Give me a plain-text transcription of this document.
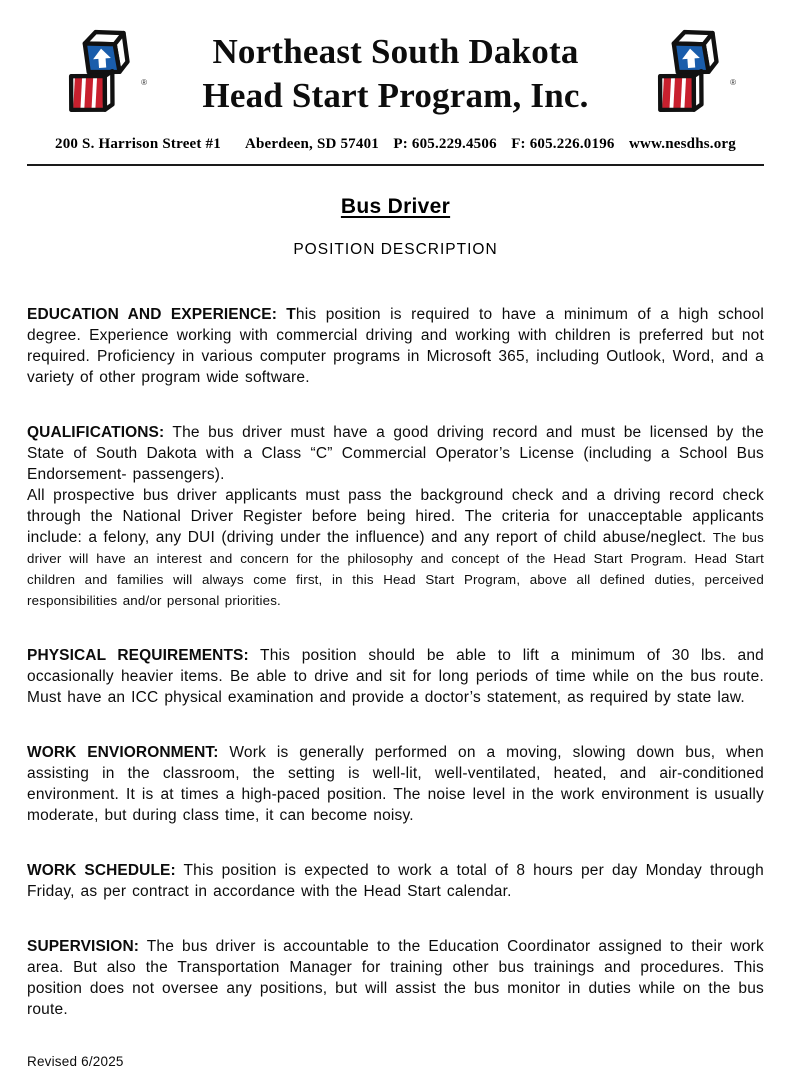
®
Northeast South Dakota
Head Start Program, Inc.	®
200 S. Harrison Street #1 Aberdeen, SD 57401 P: 605.229.4506 F: 605.226.0196 www.nesdhs.org
Bus Driver
POSITION DESCRIPTION

EDUCATION AND EXPERIENCE: This position is required to have a minimum of a high school degree. Experience working with commercial driving and working with children is preferred but not required. Proficiency in various computer programs in Microsoft 365, including Outlook, Word, and a variety of other program wide software.

QUALIFICATIONS: The bus driver must have a good driving record and must be licensed by the State of South Dakota with a Class “C” Commercial Operator’s License (including a School Bus Endorsement- passengers).
All prospective bus driver applicants must pass the background check and a driving record check through the National Driver Register before being hired. The criteria for unacceptable applicants include: a felony, any DUI (driving under the influence) and any report of child abuse/neglect. The bus driver will have an interest and concern for the philosophy and concept of the Head Start Program. Head Start children and families will always come first, in this Head Start Program, above all defined duties, perceived responsibilities and/or personal priorities.

PHYSICAL REQUIREMENTS: This position should be able to lift a minimum of 30 lbs. and occasionally heavier items. Be able to drive and sit for long periods of time while on the bus route. Must have an ICC physical examination and provide a doctor’s statement, as required by state law.

WORK ENVIORONMENT: Work is generally performed on a moving, slowing down bus, when assisting in the classroom, the setting is well-lit, well-ventilated, heated, and air-conditioned environment. It is at times a high-paced position. The noise level in the work environment is usually moderate, but during class time, it can become noisy.

WORK SCHEDULE: This position is expected to work a total of 8 hours per day Monday through Friday, as per contract in accordance with the Head Start calendar.

SUPERVISION: The bus driver is accountable to the Education Coordinator assigned to their work area. But also the Transportation Manager for training other bus trainings and procedures. This position does not oversee any positions, but will assist the bus monitor in duties while on the bus route.

Revised 6/2025
